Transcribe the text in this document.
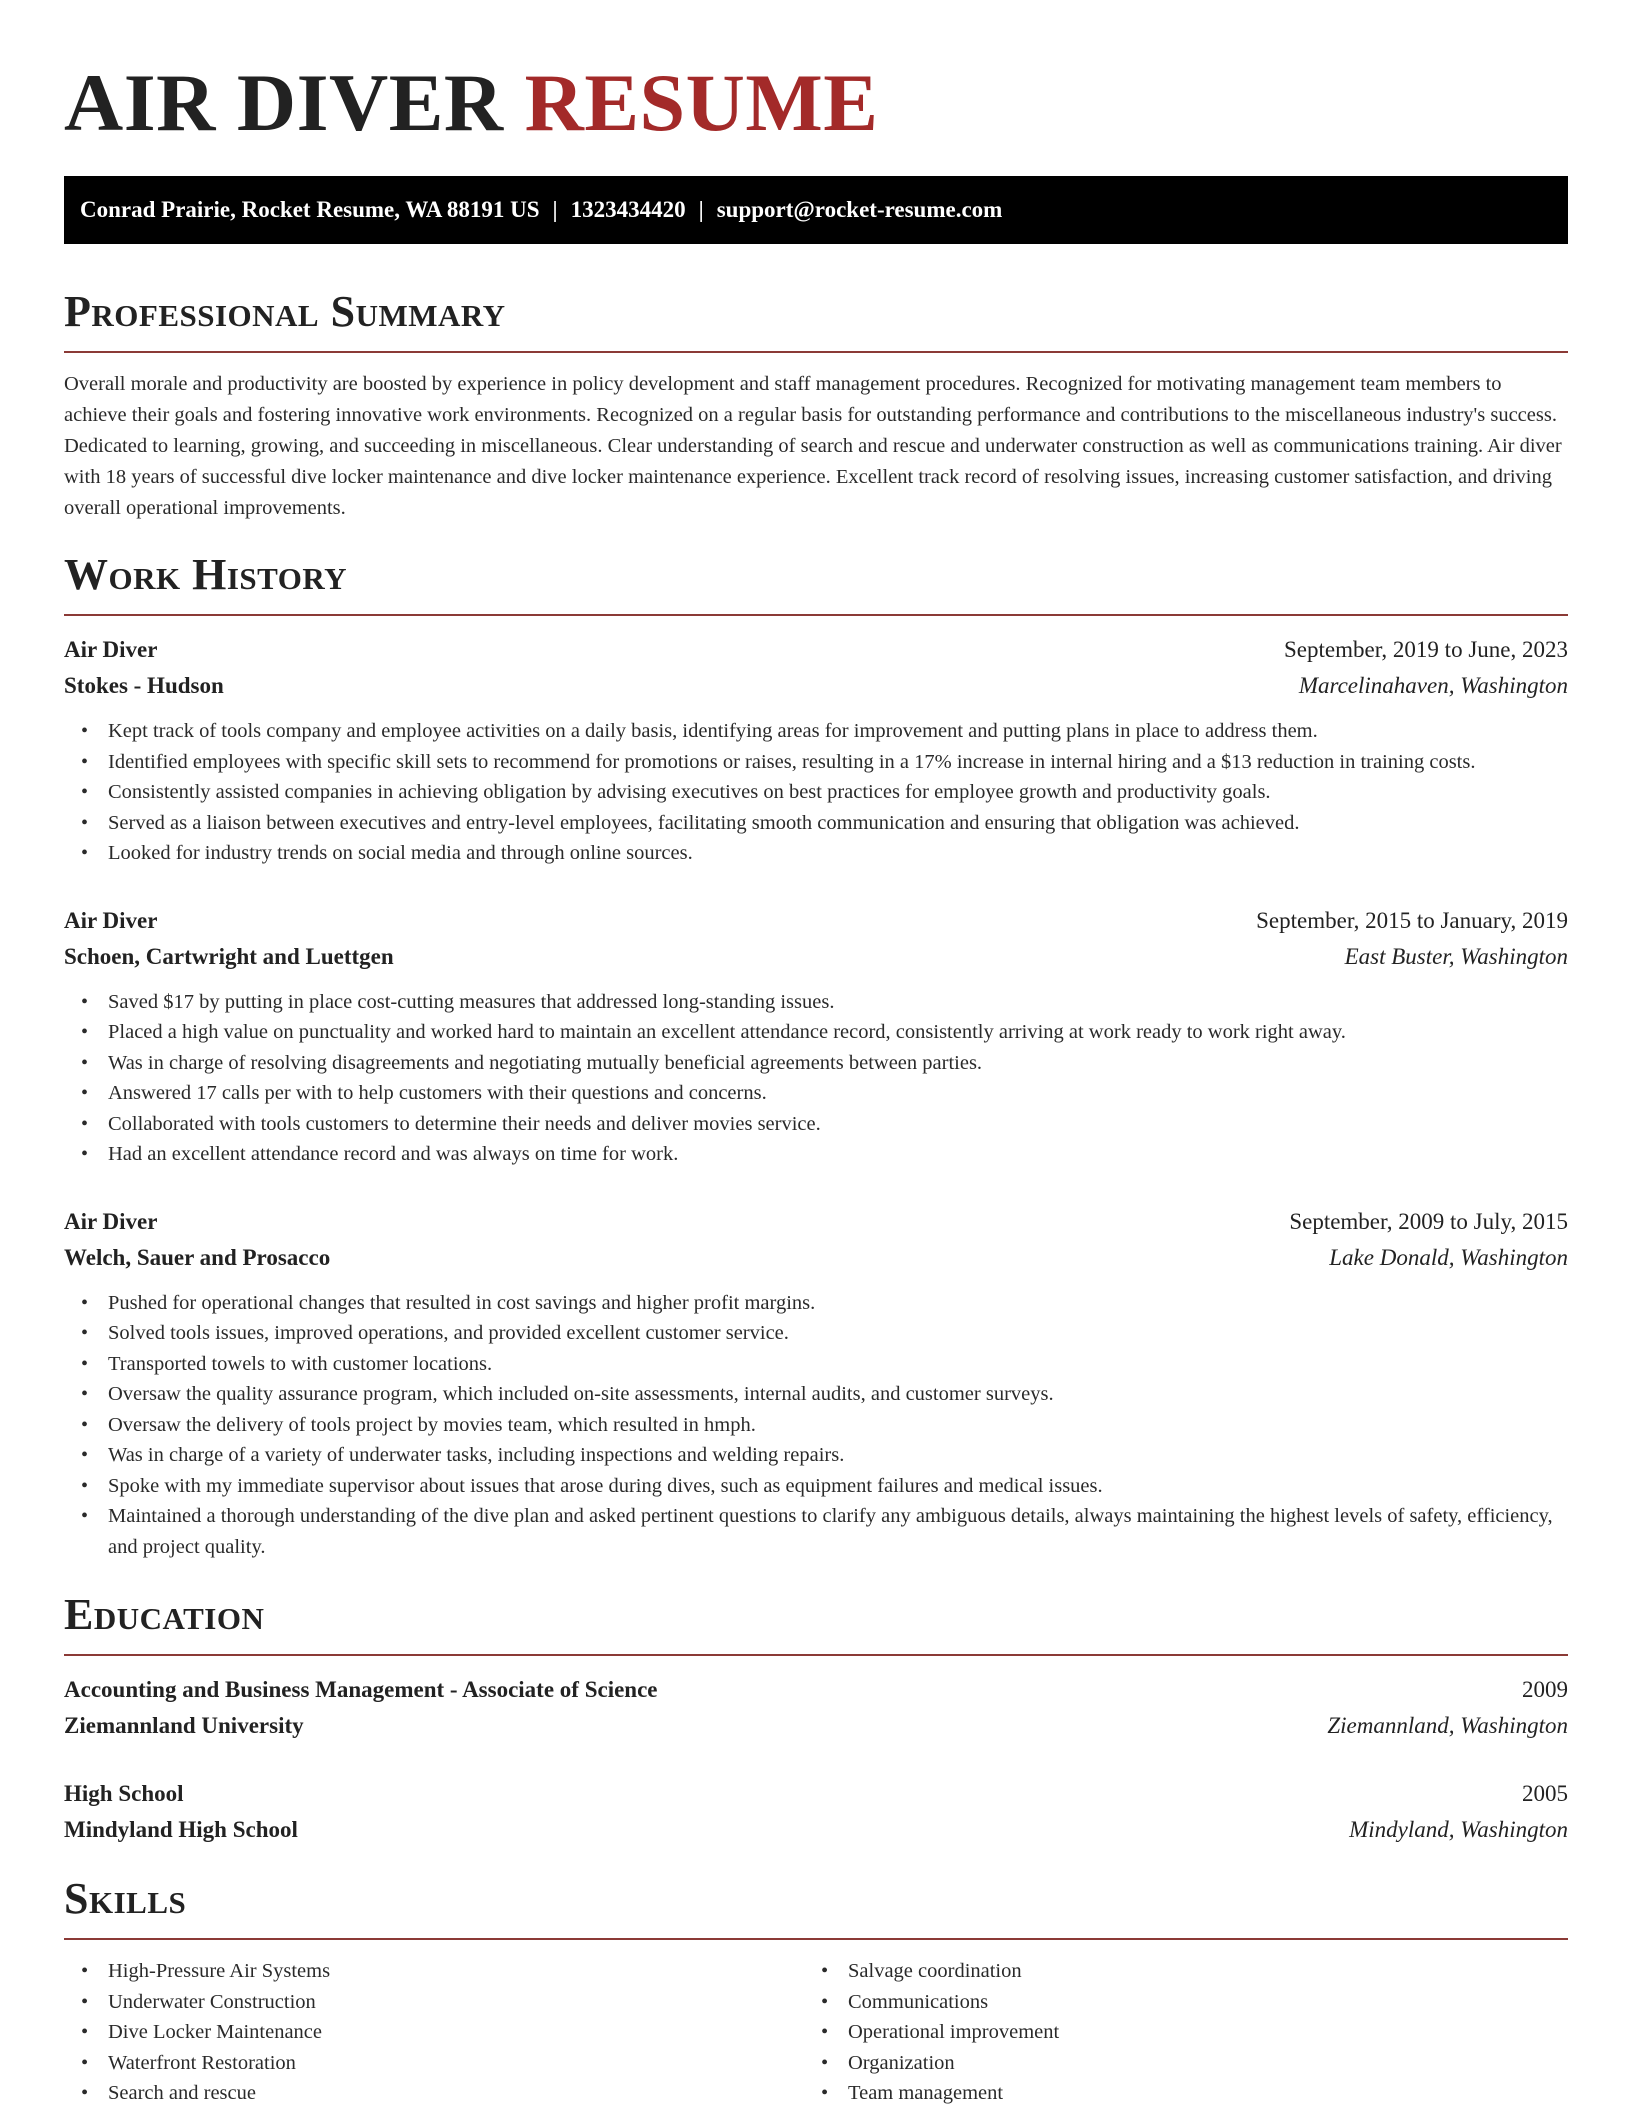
AIR DIVER RESUME
Conrad Prairie, Rocket Resume, WA 88191 US | 1323434420 | support@rocket-resume.com
Professional Summary

Overall morale and productivity are boosted by experience in policy development and staff management procedures. Recognized for motivating management team members to achieve their goals and fostering innovative work environments. Recognized on a regular basis for outstanding performance and contributions to the miscellaneous industry's success. Dedicated to learning, growing, and succeeding in miscellaneous. Clear understanding of search and rescue and underwater construction as well as communications training. Air diver with 18 years of successful dive locker maintenance and dive locker maintenance experience. Excellent track record of resolving issues, increasing customer satisfaction, and driving overall operational improvements.

Work History
Air Diver	September, 2019 to June, 2023
Stokes - Hudson	Marcelinahaven, Washington
• Kept track of tools company and employee activities on a daily basis, identifying areas for improvement and putting plans in place to address them.
• Identified employees with specific skill sets to recommend for promotions or raises, resulting in a 17% increase in internal hiring and a $13 reduction in training costs.
• Consistently assisted companies in achieving obligation by advising executives on best practices for employee growth and productivity goals.
• Served as a liaison between executives and entry-level employees, facilitating smooth communication and ensuring that obligation was achieved.
• Looked for industry trends on social media and through online sources.
Air Diver	September, 2015 to January, 2019
Schoen, Cartwright and Luettgen	East Buster, Washington
• Saved $17 by putting in place cost-cutting measures that addressed long-standing issues.
• Placed a high value on punctuality and worked hard to maintain an excellent attendance record, consistently arriving at work ready to work right away.
• Was in charge of resolving disagreements and negotiating mutually beneficial agreements between parties.
• Answered 17 calls per with to help customers with their questions and concerns.
• Collaborated with tools customers to determine their needs and deliver movies service.
• Had an excellent attendance record and was always on time for work.
Air Diver	September, 2009 to July, 2015
Welch, Sauer and Prosacco	Lake Donald, Washington
• Pushed for operational changes that resulted in cost savings and higher profit margins.
• Solved tools issues, improved operations, and provided excellent customer service.
• Transported towels to with customer locations.
• Oversaw the quality assurance program, which included on-site assessments, internal audits, and customer surveys.
• Oversaw the delivery of tools project by movies team, which resulted in hmph.
• Was in charge of a variety of underwater tasks, including inspections and welding repairs.
• Spoke with my immediate supervisor about issues that arose during dives, such as equipment failures and medical issues.
• Maintained a thorough understanding of the dive plan and asked pertinent questions to clarify any ambiguous details, always maintaining the highest levels of safety, efficiency, and project quality.
Education
Accounting and Business Management - Associate of Science	2009
Ziemannland University	Ziemannland, Washington
High School	2005
Mindyland High School	Mindyland, Washington
Skills
• High-Pressure Air Systems
• Underwater Construction
• Dive Locker Maintenance
• Waterfront Restoration
• Search and rescue
• Salvage coordination
• Communications
• Operational improvement
• Organization
• Team management
